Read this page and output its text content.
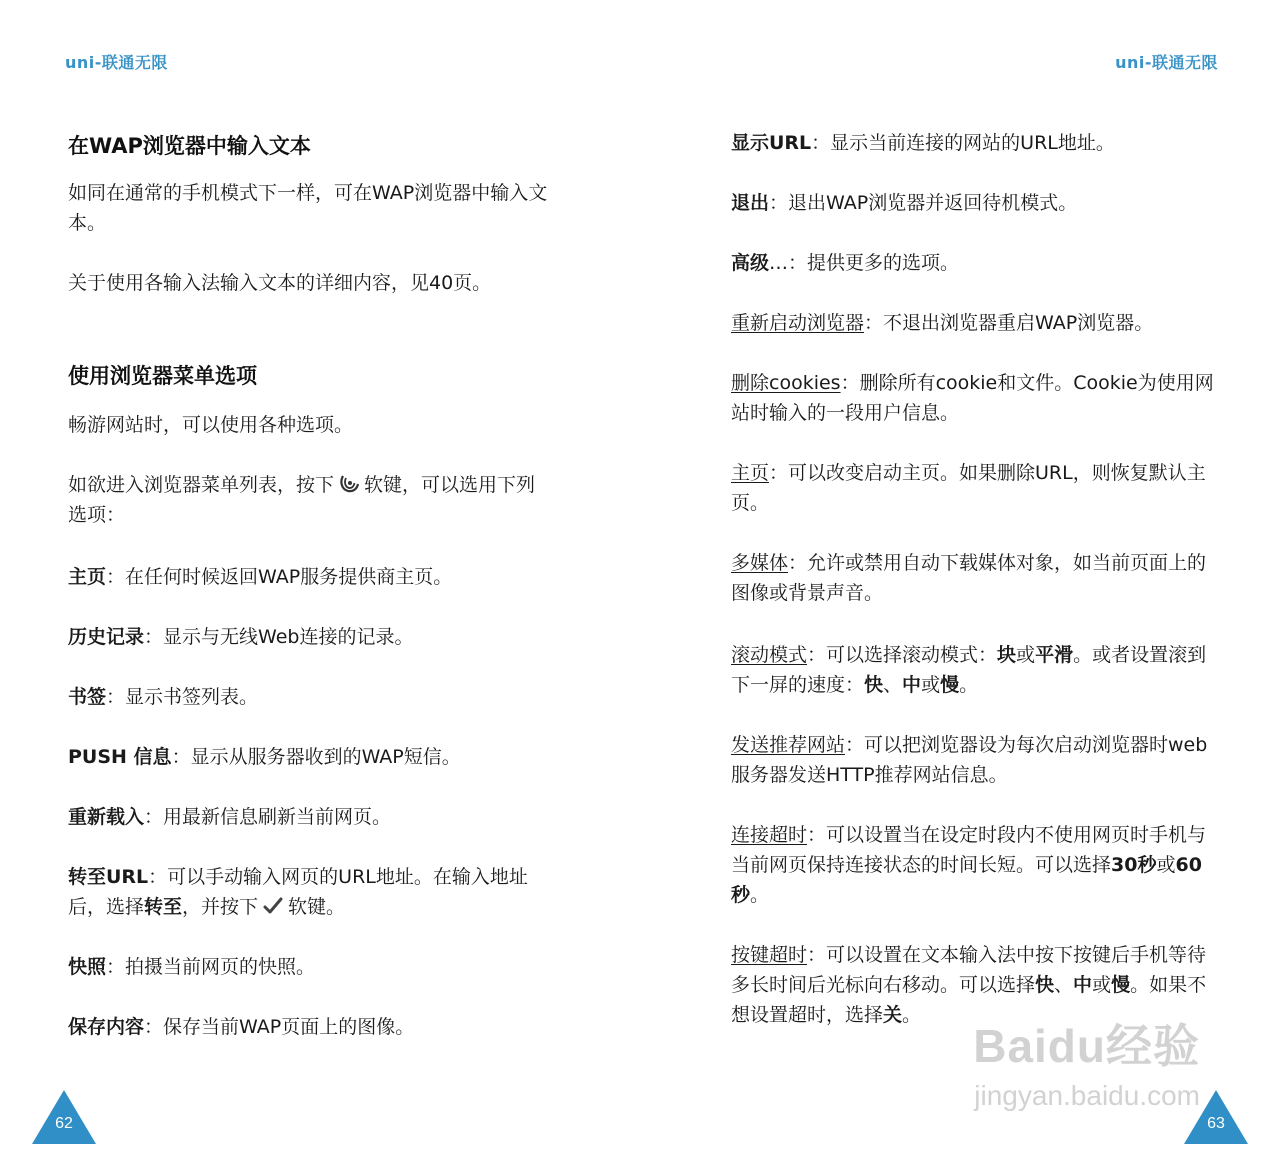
uni-联通无限
在WAP浏览器中输入文本
如同在通常的手机模式下一样，可在WAP浏览器中输入文本。
关于使用各输入法输入文本的详细内容，见40页。
使用浏览器菜单选项
畅游网站时，可以使用各种选项。
如欲进入浏览器菜单列表，按下 软键，可以选用下列选项：
主页：在任何时候返回WAP服务提供商主页。
历史记录：显示与无线Web连接的记录。
书签：显示书签列表。
PUSH 信息：显示从服务器收到的WAP短信。
重新载入：用最新信息刷新当前网页。
转至URL：可以手动输入网页的URL地址。在输入地址后，选择转至，并按下 软键。
快照：拍摄当前网页的快照。
保存内容：保存当前WAP页面上的图像。
62
uni-联通无限
显示URL：显示当前连接的网站的URL地址。
退出：退出WAP浏览器并返回待机模式。
高级…：提供更多的选项。
重新启动浏览器：不退出浏览器重启WAP浏览器。
删除cookies：删除所有cookie和文件。Cookie为使用网站时输入的一段用户信息。
主页：可以改变启动主页。如果删除URL，则恢复默认主页。
多媒体：允许或禁用自动下载媒体对象，如当前页面上的图像或背景声音。
滚动模式：可以选择滚动模式：块或平滑。或者设置滚到下一屏的速度：快、中或慢。
发送推荐网站：可以把浏览器设为每次启动浏览器时web服务器发送HTTP推荐网站信息。
连接超时：可以设置当在设定时段内不使用网页时手机与当前网页保持连接状态的时间长短。可以选择30秒或60秒。
按键超时：可以设置在文本输入法中按下按键后手机等待多长时间后光标向右移动。可以选择快、中或慢。如果不想设置超时，选择关。
63
Baidu经验
jingyan.baidu.com
